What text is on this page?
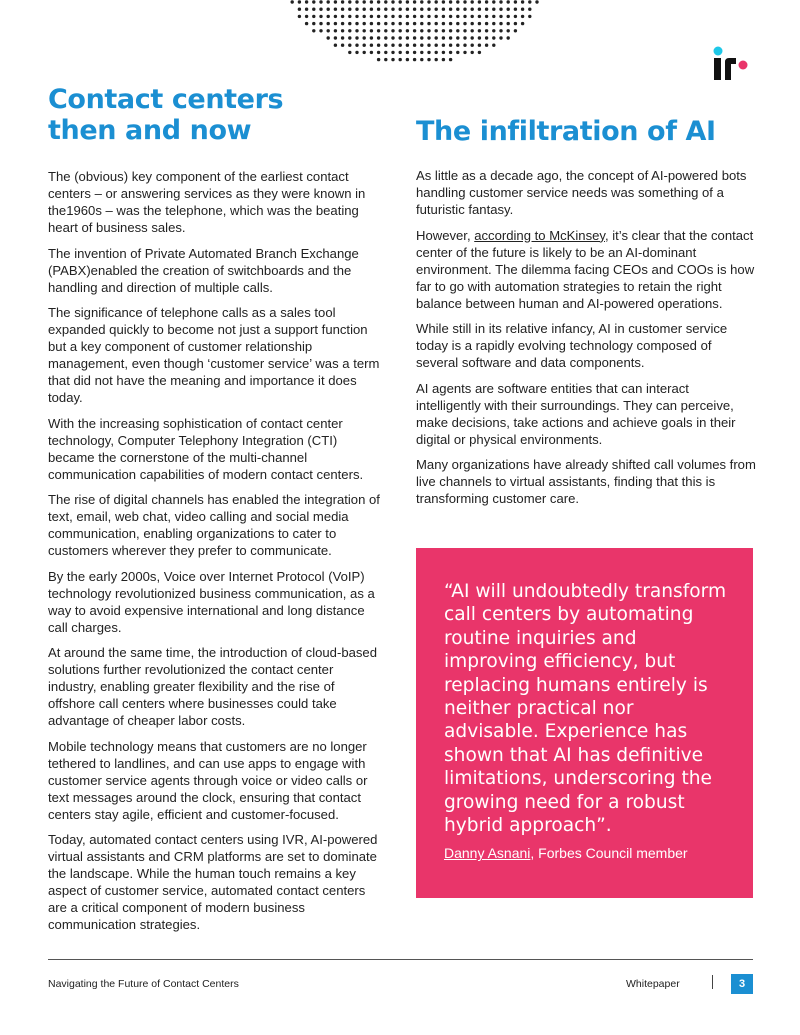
Contact centers
then and now

The (obvious) key component of the earliest contact centers – or answering services as they were known in the1960s – was the telephone, which was the beating heart of business sales.

The invention of Private Automated Branch Exchange (PABX)enabled the creation of switchboards and the handling and direction of multiple calls.

The significance of telephone calls as a sales tool expanded quickly to become not just a support function but a key component of customer relationship management, even though ‘customer service’ was a term that did not have the meaning and importance it does today.

With the increasing sophistication of contact center technology, Computer Telephony Integration (CTI) became the cornerstone of the multi-channel communication capabilities of modern contact centers.

The rise of digital channels has enabled the integration of text, email, web chat, video calling and social media communication, enabling organizations to cater to customers wherever they prefer to communicate.

By the early 2000s, Voice over Internet Protocol (VoIP) technology revolutionized business communication, as a way to avoid expensive international and long distance call charges.

At around the same time, the introduction of cloud-based solutions further revolutionized the contact center industry, enabling greater flexibility and the rise of offshore call centers where businesses could take advantage of cheaper labor costs.

Mobile technology means that customers are no longer tethered to landlines, and can use apps to engage with customer service agents through voice or video calls or text messages around the clock, ensuring that contact centers stay agile, efficient and customer-focused.

Today, automated contact centers using IVR, AI-powered virtual assistants and CRM platforms are set to dominate the landscape. While the human touch remains a key aspect of customer service, automated contact centers are a critical component of modern business communication strategies.

The infiltration of AI

As little as a decade ago, the concept of AI-powered bots handling customer service needs was something of a futuristic fantasy.

However, according to McKinsey, it’s clear that the contact center of the future is likely to be an AI-dominant environment. The dilemma facing CEOs and COOs is how far to go with automation strategies to retain the right balance between human and AI-powered operations.

While still in its relative infancy, AI in customer service today is a rapidly evolving technology composed of several software and data components.

AI agents are software entities that can interact intelligently with their surroundings. They can perceive, make decisions, take actions and achieve goals in their digital or physical environments.

Many organizations have already shifted call volumes from live channels to virtual assistants, finding that this is transforming customer care.

“AI will undoubtedly transform call centers by automating routine inquiries and improving efficiency, but replacing humans entirely is neither practical nor advisable. Experience has shown that AI has definitive limitations, underscoring the growing need for a robust hybrid approach”.

Danny Asnani, Forbes Council member

Navigating the Future of Contact Centers	Whitepaper	3
